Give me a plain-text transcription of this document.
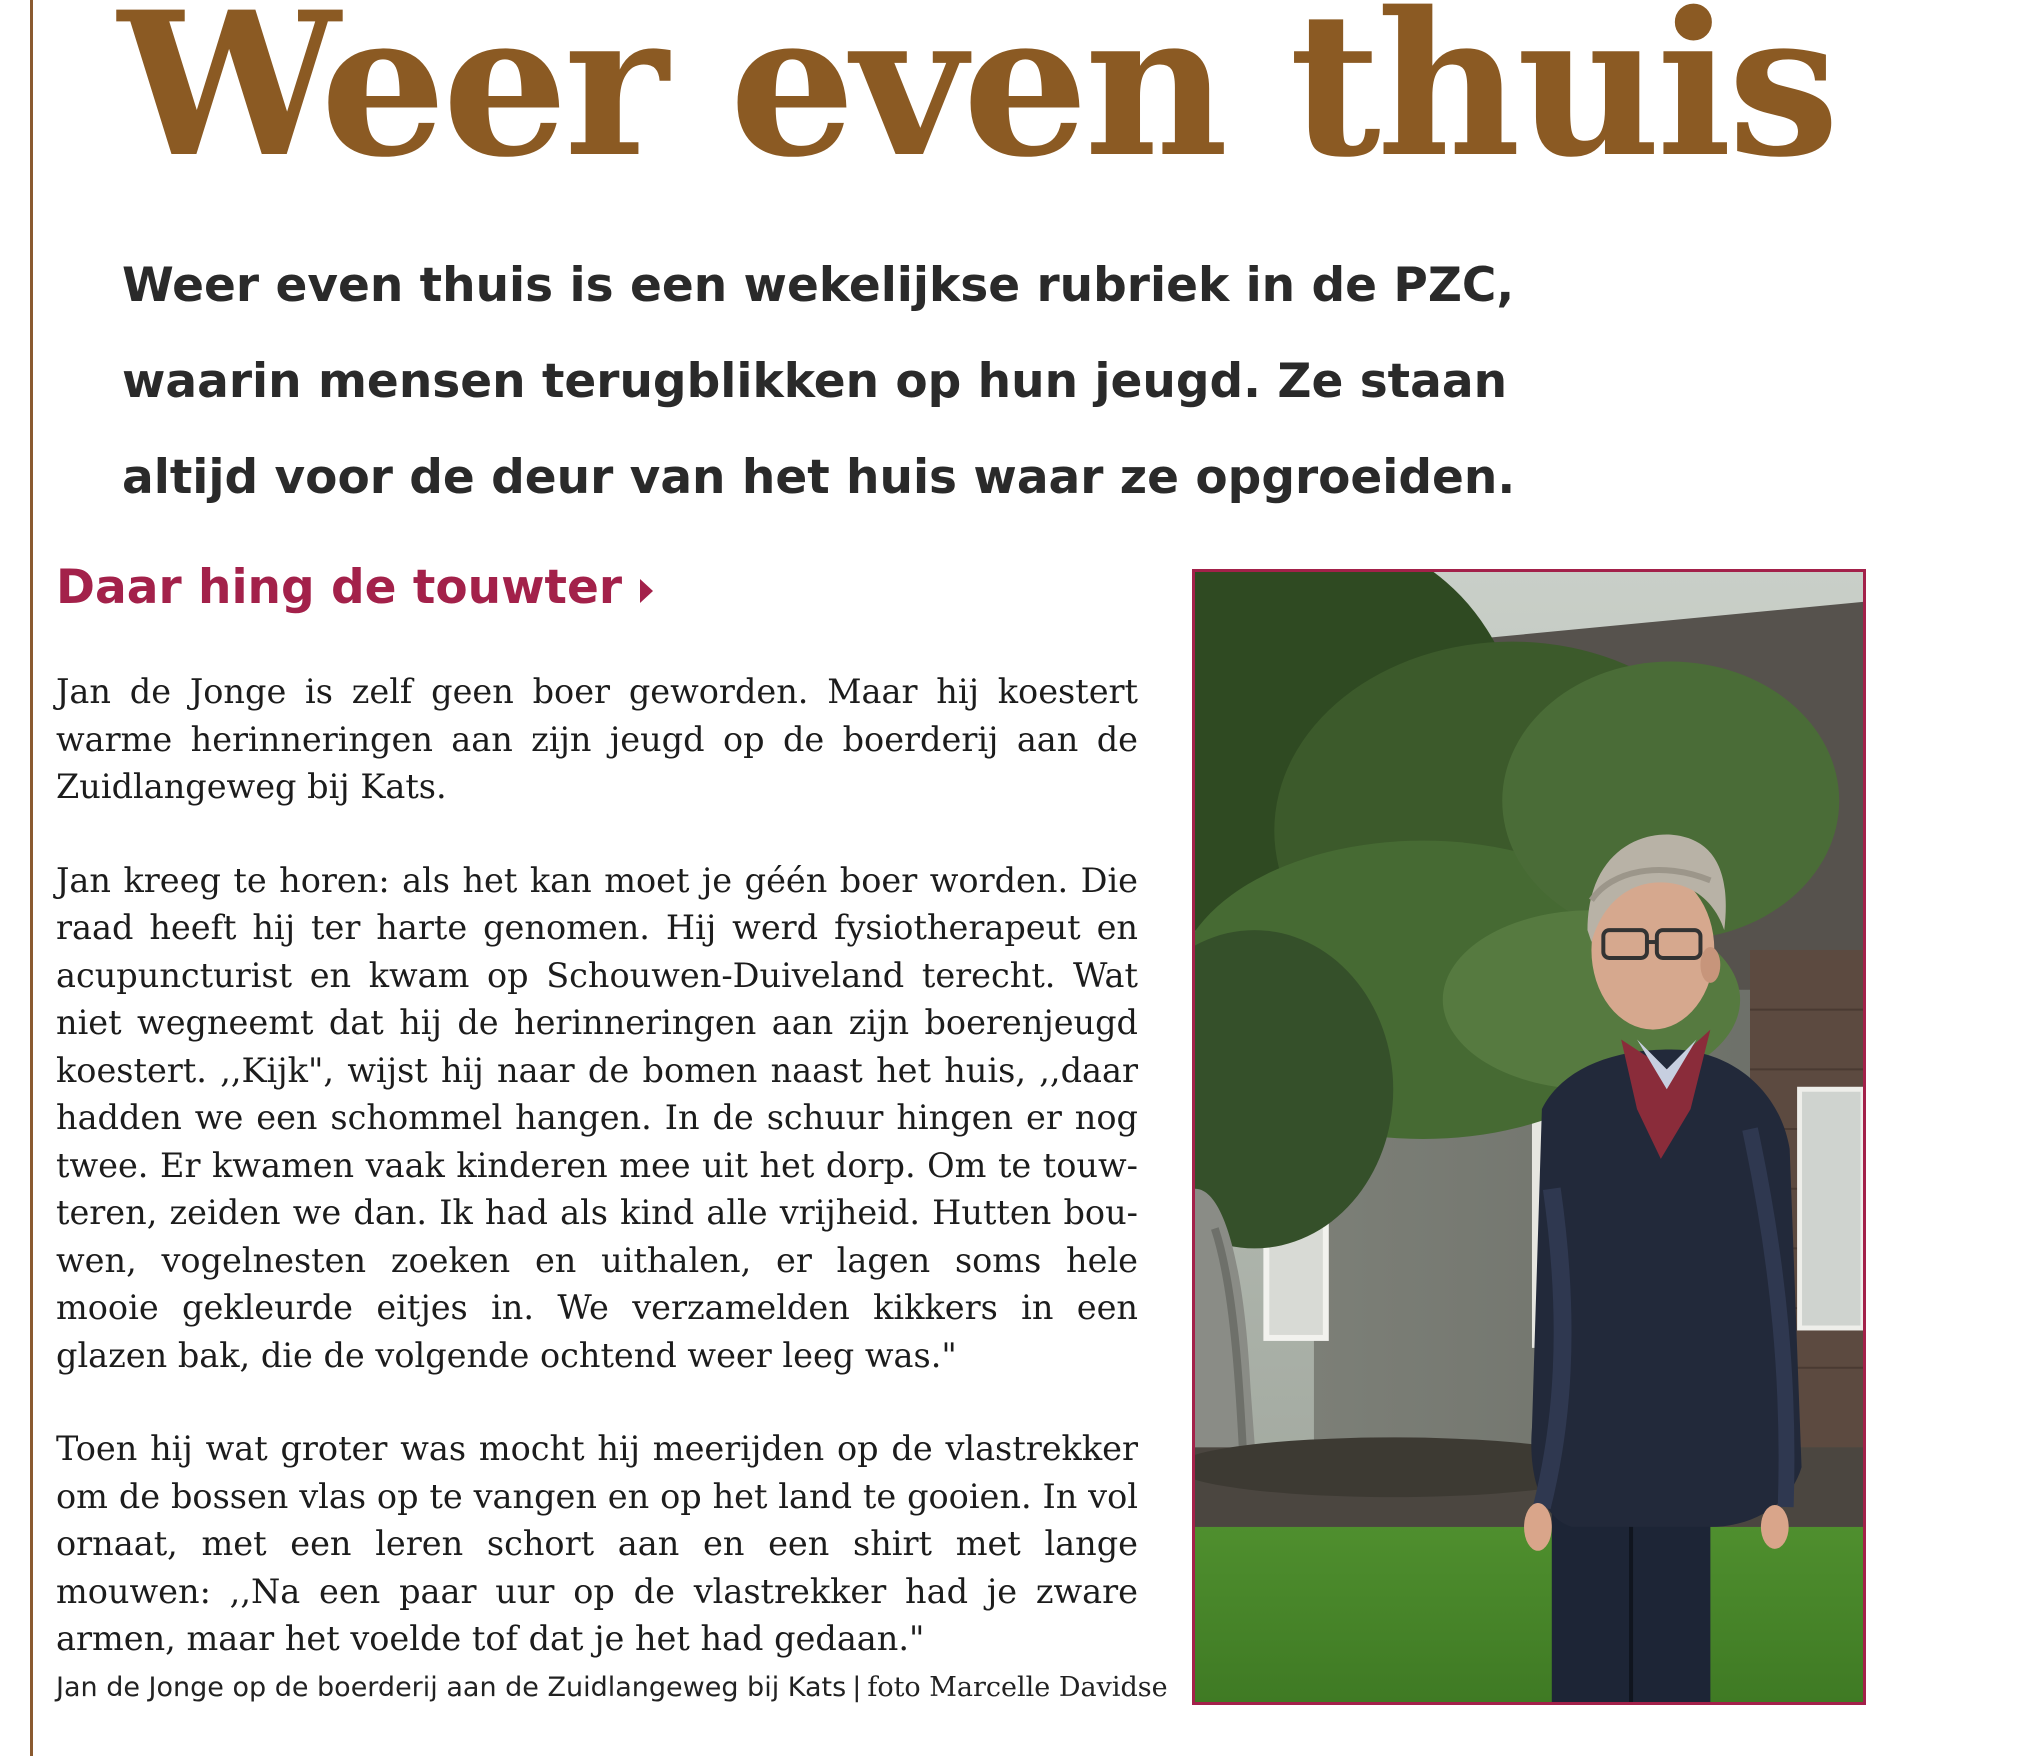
Weer even thuis

Weer even thuis is een wekelijkse rubriek in de PZC, waarin mensen terugblikken op hun jeugd. Ze staan altijd voor de deur van het huis waar ze opgroeiden.

Daar hing de touwter

Jan de Jonge is zelf geen boer geworden. Maar hij koestert warme herinneringen aan zijn jeugd op de boerderij aan de Zuidlangeweg bij Kats.

Jan kreeg te horen: als het kan moet je géén boer worden. Die raad heeft hij ter harte genomen. Hij werd fysiotherapeut en acupuncturist en kwam op Schouwen-Duiveland terecht. Wat niet wegneemt dat hij de herinneringen aan zijn boerenjeugd koestert. ,,Kijk", wijst hij naar de bomen naast het huis, ,,daar hadden we een schommel hangen. In de schuur hingen er nog twee. Er kwamen vaak kinderen mee uit het dorp. Om te touwteren, zeiden we dan. Ik had als kind alle vrijheid. Hutten bouwen, vogelnesten zoeken en uithalen, er lagen soms hele mooie gekleurde eitjes in. We verzamelden kikkers in een glazen bak, die de volgende ochtend weer leeg was."

Toen hij wat groter was mocht hij meerijden op de vlastrekker om de bossen vlas op te vangen en op het land te gooien. In vol ornaat, met een leren schort aan en een shirt met lange mouwen: ,,Na een paar uur op de vlastrekker had je zware armen, maar het voelde tof dat je het had gedaan."

Jan de Jonge op de boerderij aan de Zuidlangeweg bij Kats | foto Marcelle Davidse
